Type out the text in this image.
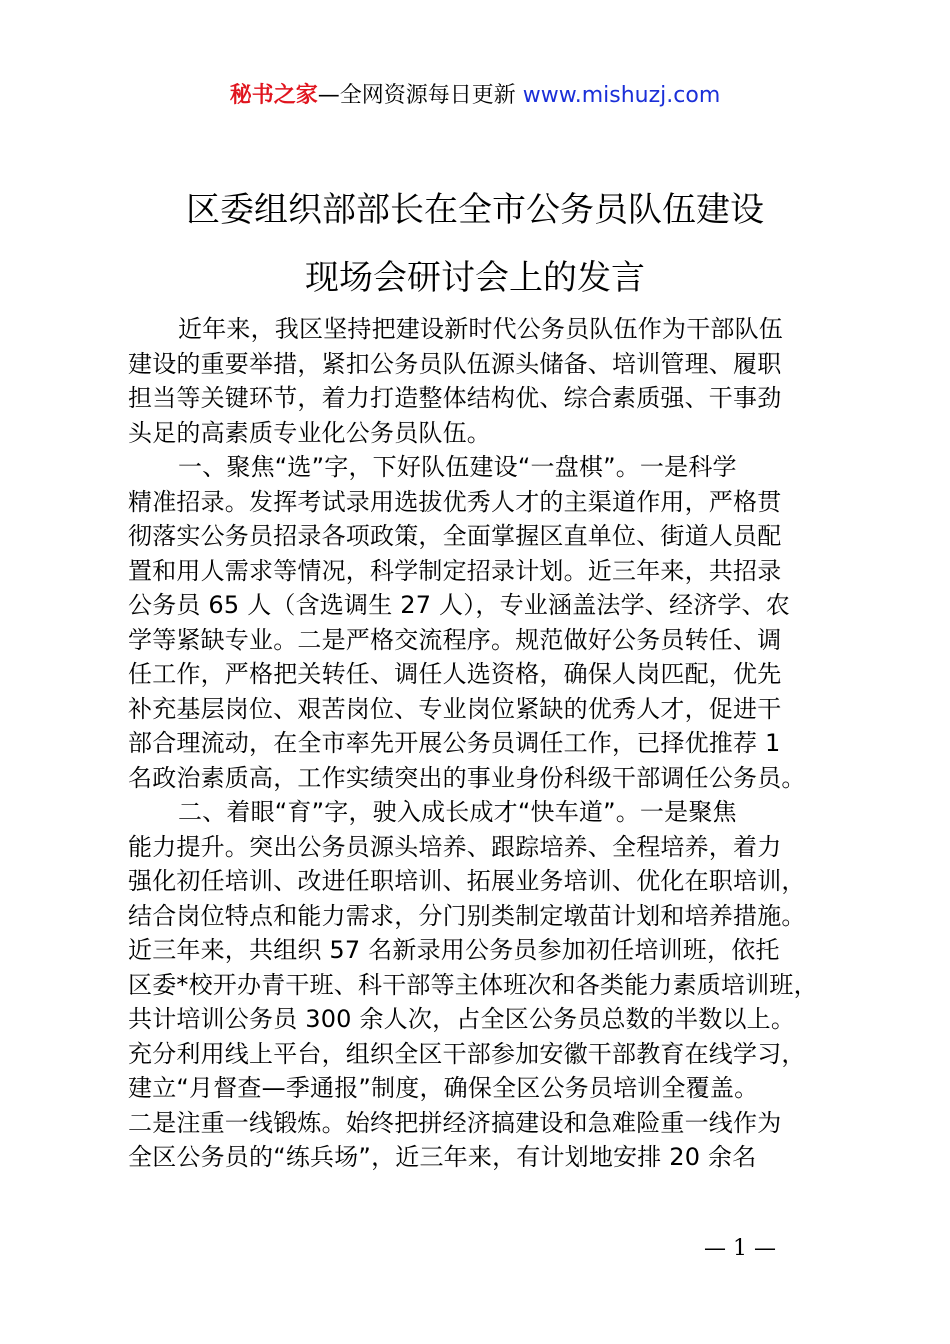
秘书之家—全网资源每日更新 www.mishuzj.com
区委组织部部长在全市公务员队伍建设
现场会研讨会上的发言
近年来，我区坚持把建设新时代公务员队伍作为干部队伍
建设的重要举措，紧扣公务员队伍源头储备、培训管理、履职
担当等关键环节，着力打造整体结构优、综合素质强、干事劲
头足的高素质专业化公务员队伍。
一、聚焦“选”字，下好队伍建设“一盘棋”。一是科学
精准招录。发挥考试录用选拔优秀人才的主渠道作用，严格贯
彻落实公务员招录各项政策，全面掌握区直单位、街道人员配
置和用人需求等情况，科学制定招录计划。近三年来，共招录
公务员 65 人（含选调生 27 人），专业涵盖法学、经济学、农
学等紧缺专业。二是严格交流程序。规范做好公务员转任、调
任工作，严格把关转任、调任人选资格，确保人岗匹配，优先
补充基层岗位、艰苦岗位、专业岗位紧缺的优秀人才，促进干
部合理流动，在全市率先开展公务员调任工作，已择优推荐 1
名政治素质高，工作实绩突出的事业身份科级干部调任公务员。
二、着眼“育”字，驶入成长成才“快车道”。一是聚焦
能力提升。突出公务员源头培养、跟踪培养、全程培养，着力
强化初任培训、改进任职培训、拓展业务培训、优化在职培训，
结合岗位特点和能力需求，分门别类制定墩苗计划和培养措施。
近三年来，共组织 57 名新录用公务员参加初任培训班，依托
区委*校开办青干班、科干部等主体班次和各类能力素质培训班，
共计培训公务员 300 余人次，占全区公务员总数的半数以上。
充分利用线上平台，组织全区干部参加安徽干部教育在线学习，
建立“月督查—季通报”制度，确保全区公务员培训全覆盖。
二是注重一线锻炼。始终把拼经济搞建设和急难险重一线作为
全区公务员的“练兵场”，近三年来，有计划地安排 20 余名
— 1 —
